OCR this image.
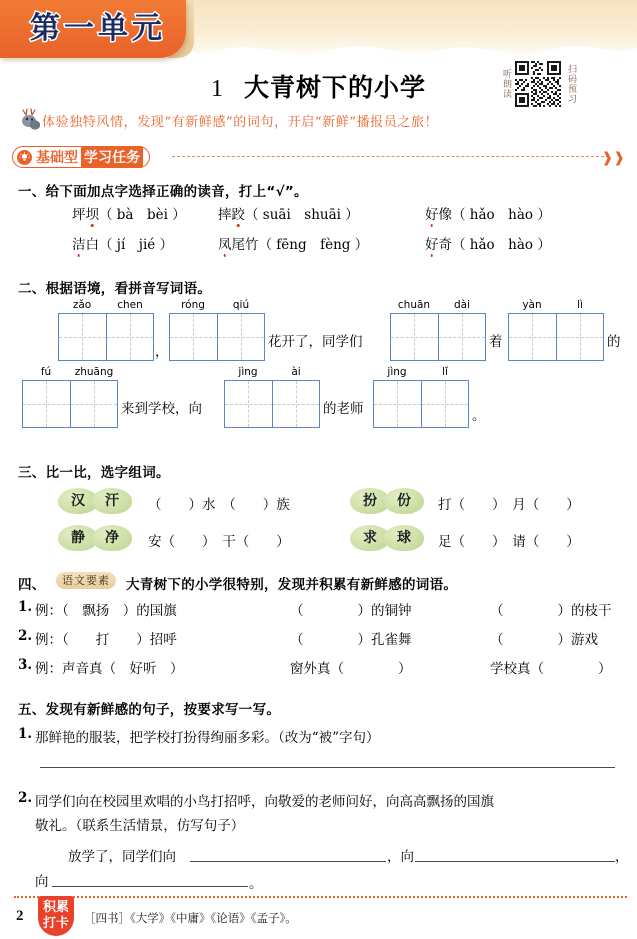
第一单元
1 大青树下的小学	听朗读	扫码预习
体验独特风情，发现“有新鲜感”的词句，开启“新鲜”播报员之旅！
基础型 学习任务	❱❱
一、给下面加点字选择正确的读音，打上“√”。
坪坝（ bà　bèi ） 摔跤（ suāi　shuāi ）	好像（ hǎo　hào ）
洁白（ jí　jié ）	凤尾竹（ fēng　fèng ）	好奇（ hǎo　hào ）
二、根据语境，看拼音写词语。
zǎo	chen
，
róng	qiú
花开了，同学们
chuān	dài
着
yàn	lì
的
fú	zhuāng
来到学校，向
jìng	ài
的老师
jìng	lǐ
。
三、比一比，选字组词。
汉	汗	（　　）水　（　　）族	扮	份	打（　　）　月（　　）
静	净	安（　　）　干（　　）	求	球	足（　　）　请（　　）
四、	语文要素	大青树下的小学很特别，发现并积累有新鲜感的词语。
1. 例：（　飘扬　）的国旗	（　　　　）的铜钟	（　　　　）的枝干
2. 例：（　　打　　）招呼	（　　　　）孔雀舞	（　　　　）游戏
3. 例：声音真（　好听　）	窗外真（　　　　）	学校真（　　　　）
五、发现有新鲜感的句子，按要求写一写。
1. 那鲜艳的服装，把学校打扮得绚丽多彩。（改为“被”字句）
2. 同学们向在校园里欢唱的小鸟打招呼，向敬爱的老师问好，向高高飘扬的国旗
敬礼。（联系生活情景，仿写句子）
放学了，同学们向	，向	，
向	。
2
积累
打卡 ［四书］《大学》《中庸》《论语》《孟子》。
